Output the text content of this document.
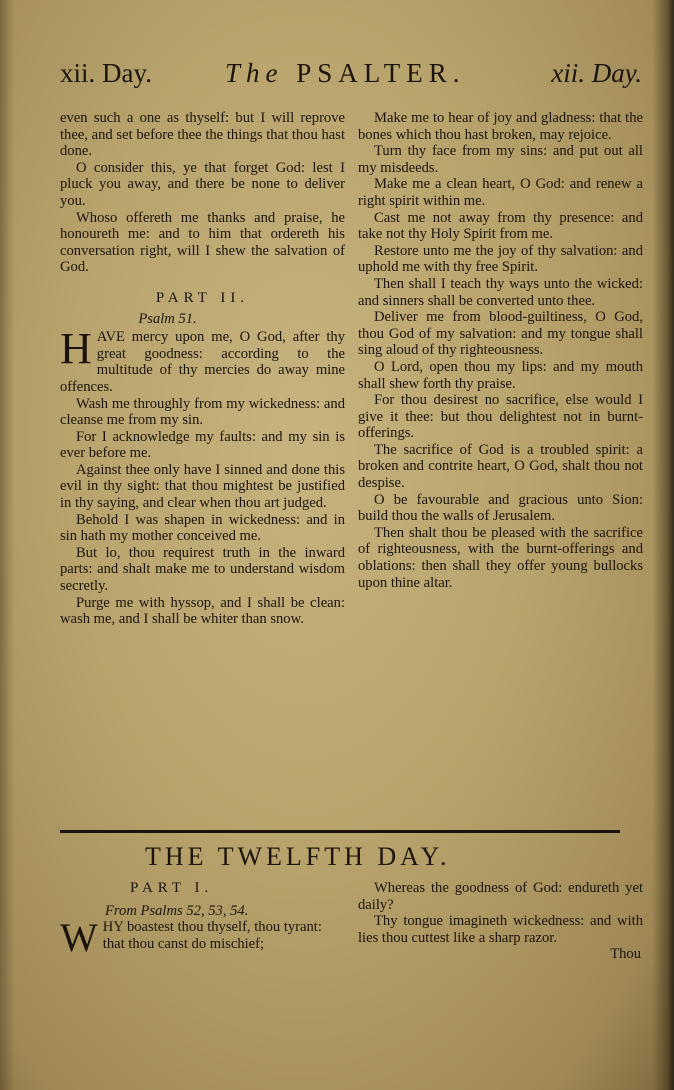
xii. Day.	The PSALTER.	xii. Day.

even such a one as thyself: but I will reprove thee, and set before thee the things that thou hast done.

O consider this, ye that forget God: lest I pluck you away, and there be none to deliver you.

Whoso offereth me thanks and praise, he honoureth me: and to him that ordereth his conversation right, will I shew the salvation of God.

PART II.
Psalm 51.

HAVE mercy upon me, O God, after thy great goodness: according to the multitude of thy mercies do away mine offences.

Wash me throughly from my wickedness: and cleanse me from my sin.

For I acknowledge my faults: and my sin is ever before me.

Against thee only have I sinned and done this evil in thy sight: that thou mightest be justified in thy saying, and clear when thou art judged.

Behold I was shapen in wickedness: and in sin hath my mother conceived me.

But lo, thou requirest truth in the inward parts: and shalt make me to understand wisdom secretly.

Purge me with hyssop, and I shall be clean: wash me, and I shall be whiter than snow.

Make me to hear of joy and gladness: that the bones which thou hast broken, may rejoice.

Turn thy face from my sins: and put out all my misdeeds.

Make me a clean heart, O God: and renew a right spirit within me.

Cast me not away from thy presence: and take not thy Holy Spirit from me.

Restore unto me the joy of thy salvation: and uphold me with thy free Spirit.

Then shall I teach thy ways unto the wicked: and sinners shall be converted unto thee.

Deliver me from blood-guiltiness, O God, thou God of my salvation: and my tongue shall sing aloud of thy righteousness.

O Lord, open thou my lips: and my mouth shall shew forth thy praise.

For thou desirest no sacrifice, else would I give it thee: but thou delightest not in burnt-offerings.

The sacrifice of God is a troubled spirit: a broken and contrite heart, O God, shalt thou not despise.

O be favourable and gracious unto Sion: build thou the walls of Jerusalem.

Then shalt thou be pleased with the sacrifice of righteousness, with the burnt-offerings and oblations: then shall they offer young bullocks upon thine altar.

THE TWELFTH DAY.
PART I.
From Psalms 52, 53, 54.

WHY boastest thou thyself, thou tyrant: that thou canst do mischief;

Whereas the goodness of God: endureth yet daily?

Thy tongue imagineth wickedness: and with lies thou cuttest like a sharp razor.

Thou
